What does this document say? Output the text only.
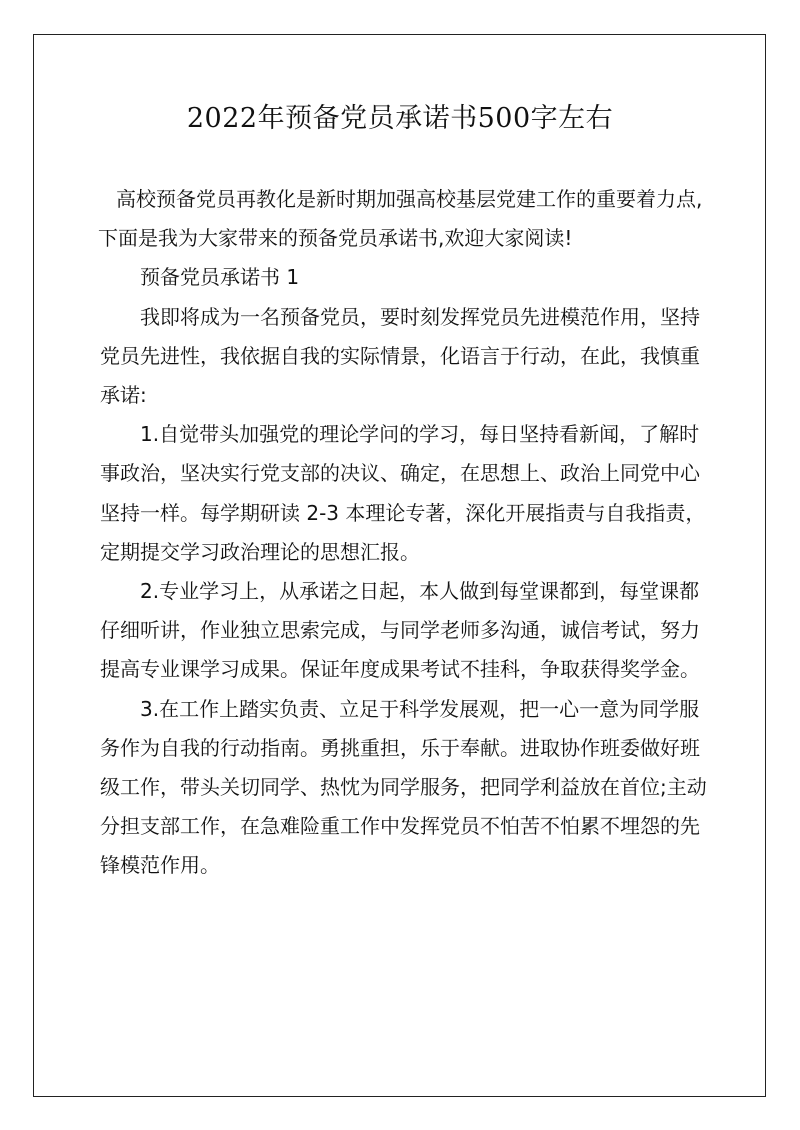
2022年预备党员承诺书500字左右

高校预备党员再教化是新时期加强高校基层党建工作的重要着力点,下面是我为大家带来的预备党员承诺书,欢迎大家阅读!

预备党员承诺书 1

我即将成为一名预备党员，要时刻发挥党员先进模范作用，坚持党员先进性，我依据自我的实际情景，化语言于行动，在此，我慎重承诺:

1.自觉带头加强党的理论学问的学习，每日坚持看新闻，了解时事政治，坚决实行党支部的决议、确定，在思想上、政治上同党中心坚持一样。每学期研读 2-3 本理论专著，深化开展指责与自我指责，定期提交学习政治理论的思想汇报。

2.专业学习上，从承诺之日起，本人做到每堂课都到，每堂课都仔细听讲，作业独立思索完成，与同学老师多沟通，诚信考试，努力提高专业课学习成果。保证年度成果考试不挂科，争取获得奖学金。

3.在工作上踏实负责、立足于科学发展观，把一心一意为同学服务作为自我的行动指南。勇挑重担，乐于奉献。进取协作班委做好班级工作，带头关切同学、热忱为同学服务，把同学利益放在首位;主动分担支部工作，在急难险重工作中发挥党员不怕苦不怕累不埋怨的先锋模范作用。
